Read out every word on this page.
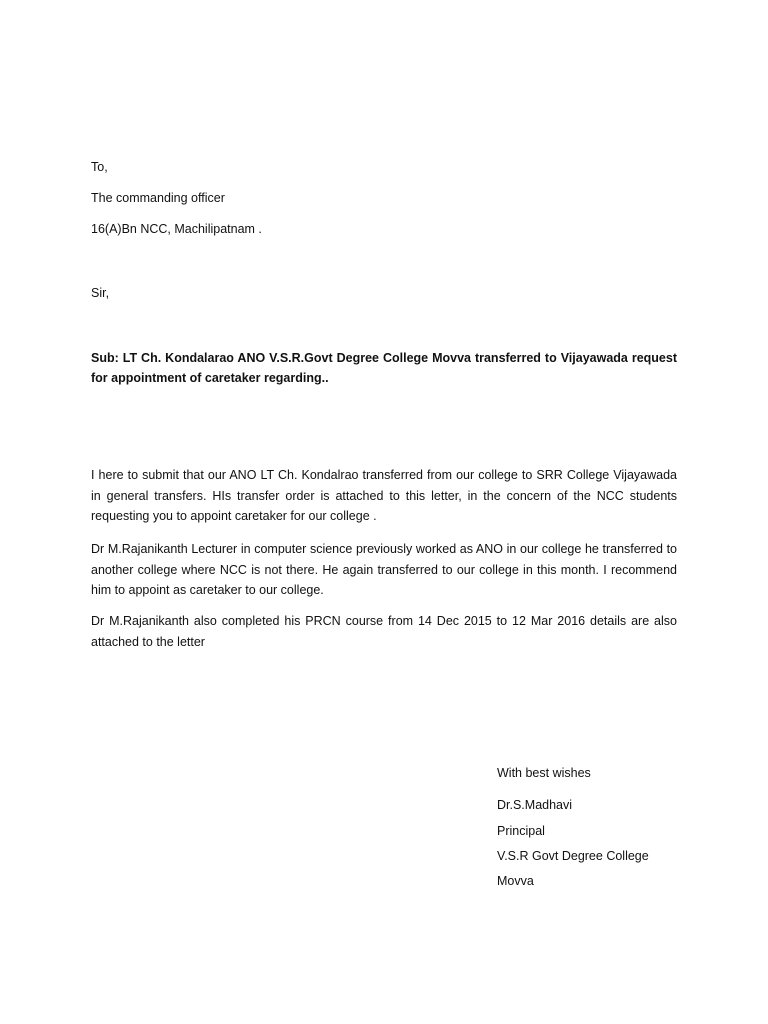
To,
The commanding officer
16(A)Bn NCC, Machilipatnam .
Sir,
Sub: LT Ch. Kondalarao ANO V.S.R.Govt Degree College Movva transferred to Vijayawada request for appointment of caretaker regarding..
I here to submit that our ANO LT Ch. Kondalrao transferred from our college to SRR College Vijayawada in general transfers. HIs transfer order is attached to this letter, in the concern of the NCC students requesting you to appoint caretaker for our college .
Dr M.Rajanikanth Lecturer in computer science previously worked as ANO in our college he transferred to another college where NCC is not there. He again transferred to our college in this month. I recommend him to appoint as caretaker to our college.
Dr M.Rajanikanth also completed his PRCN course from 14 Dec 2015 to 12 Mar 2016 details are also attached to the letter
With best wishes
Dr.S.Madhavi
Principal
V.S.R Govt Degree College
Movva
